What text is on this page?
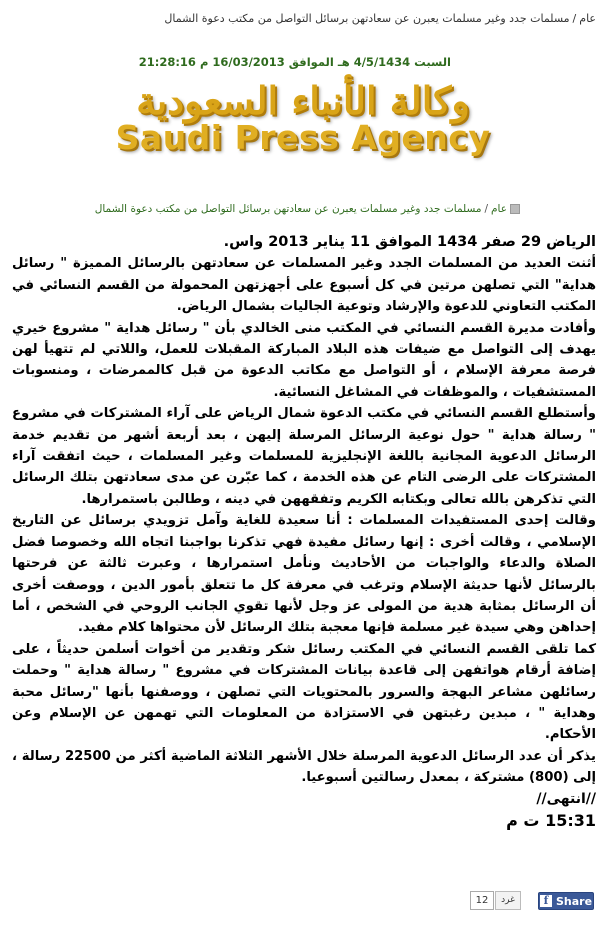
عام/مسلمات جدد وغير مسلمات يعبرن عن سعادتهن برسائل التواصل من مكتب دعوة الشمال
السبت 4/5/1434 هـ الموافق 16/03/2013 م 21:28:16
وكالة الأنباء السعودية
Saudi Press Agency
عام/مسلمات جدد وغير مسلمات يعبرن عن سعادتهن برسائل التواصل من مكتب دعوة الشمال

الرياض 29 صفر 1434 الموافق 11 يناير 2013 واس.

أثنت العديد من المسلمات الجدد وغير المسلمات عن سعادتهن بالرسائل المميزة " رسائل هداية" التي تصلهن مرتين في كل أسبوع على أجهزتهن المحمولة من القسم النسائي في المكتب التعاوني للدعوة والإرشاد وتوعية الجاليات بشمال الرياض.

وأفادت مديرة القسم النسائي في المكتب منى الخالدي بأن " رسائل هداية " مشروع خيري يهدف إلى التواصل مع ضيفات هذه البلاد المباركة المقبلات للعمل، واللاتي لم تتهيأ لهن فرصة معرفة الإسلام ، أو التواصل مع مكاتب الدعوة من قبل كالممرضات ، ومنسوبات المستشفيات ، والموظفات في المشاغل النسائية.

وأستطلع القسم النسائي في مكتب الدعوة شمال الرياض على آراء المشتركات في مشروع " رسالة هداية " حول نوعية الرسائل المرسلة إليهن ، بعد أربعة أشهر من تقديم خدمة الرسائل الدعوية المجانية باللغة الإنجليزية للمسلمات وغير المسلمات ، حيث اتفقت آراء المشتركات على الرضى التام عن هذه الخدمة ، كما عبّرن عن مدى سعادتهن بتلك الرسائل التي تذكرهن بالله تعالى وبكتابه الكريم وتفقههن في دينه ، وطالبن باستمرارها.

وقالت إحدى المستفيدات المسلمات : أنا سعيدة للغاية وآمل تزويدي برسائل عن التاريخ الإسلامي ، وقالت أخرى : إنها رسائل مفيدة فهي تذكرنا بواجبنا اتجاه الله وخصوصا فضل الصلاة والدعاء والواجبات من الأحاديث ونأمل استمرارها ، وعبرت ثالثة عن فرحتها بالرسائل لأنها حديثة الإسلام وترغب في معرفة كل ما تتعلق بأمور الدين ، ووصفت أخرى أن الرسائل بمثابة هدية من المولى عز وجل لأنها تقوي الجانب الروحي في الشخص ، أما إحداهن وهي سيدة غير مسلمة فإنها معجبة بتلك الرسائل لأن محتواها كلام مفيد.

كما تلقى القسم النسائي في المكتب رسائل شكر وتقدير من أخوات أسلمن حديثاً ، على إضافة أرقام هواتفهن إلى قاعدة بيانات المشتركات في مشروع " رسالة هداية " وحملت رسائلهن مشاعر البهجة والسرور بالمحتويات التي تصلهن ، ووصفنها بأنها "رسائل محبة وهداية " ، مبدين رغبتهن في الاستزادة من المعلومات التي تهمهن عن الإسلام وعن الأحكام.

يذكر أن عدد الرسائل الدعوية المرسلة خلال الأشهر الثلاثة الماضية أكثر من 22500 رسالة ، إلى (800) مشتركة ، بمعدل رسالتين أسبوعيا.

//انتهى//

15:31 ت م

12	غرد	f Share
